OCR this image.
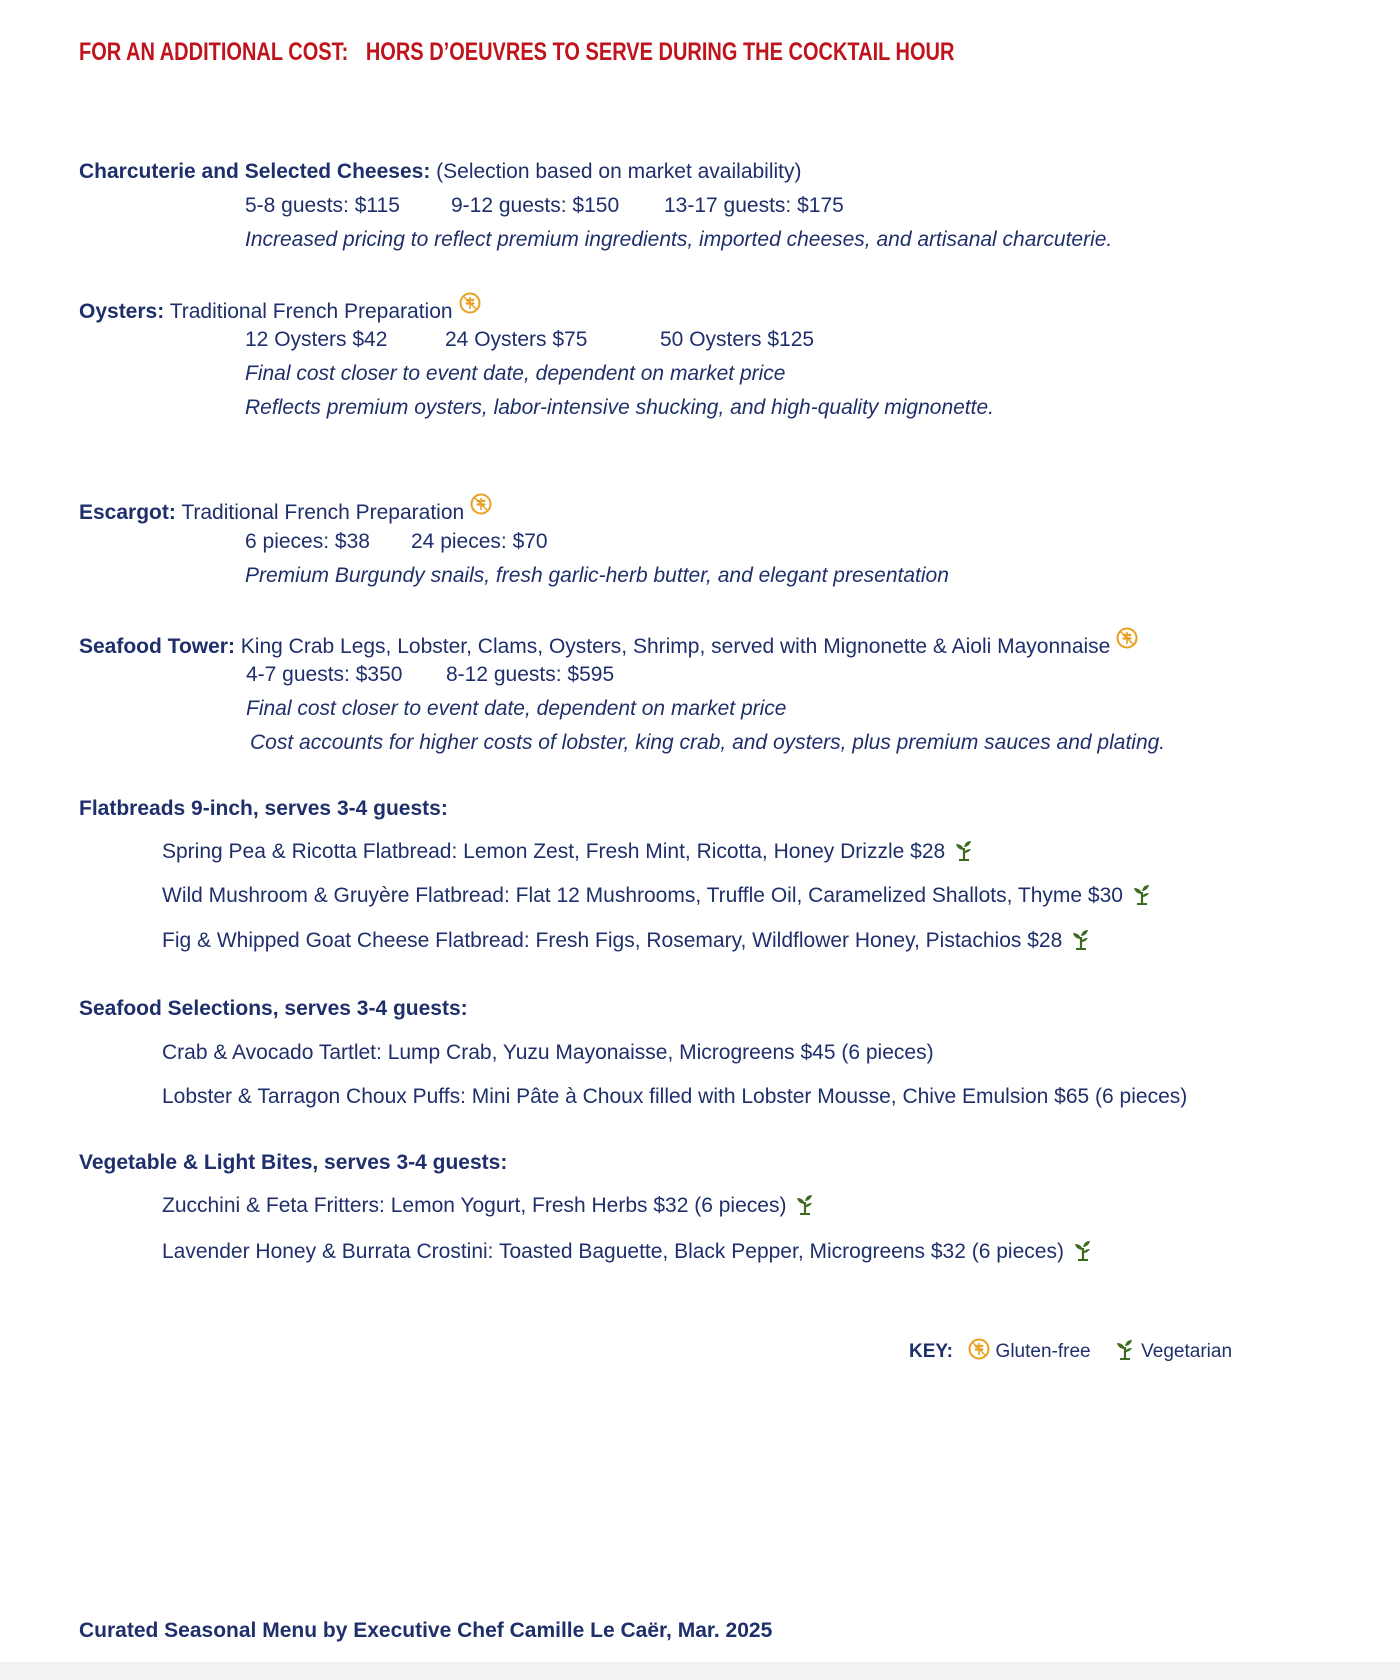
FOR AN ADDITIONAL COST: HORS D’OEUVRES TO SERVE DURING THE COCKTAIL HOUR
Charcuterie and Selected Cheeses: (Selection based on market availability)
5-8 guests: $115 9-12 guests: $150 13-17 guests: $175
Increased pricing to reflect premium ingredients, imported cheeses, and artisanal charcuterie.
Oysters: Traditional French Preparation
12 Oysters $42	24 Oysters $75	50 Oysters $125
Final cost closer to event date, dependent on market price
Reflects premium oysters, labor-intensive shucking, and high-quality mignonette.
Escargot: Traditional French Preparation
6 pieces: $38 24 pieces: $70
Premium Burgundy snails, fresh garlic-herb butter, and elegant presentation
Seafood Tower: King Crab Legs, Lobster, Clams, Oysters, Shrimp, served with Mignonette & Aioli Mayonnaise
4-7 guests: $350 8-12 guests: $595
Final cost closer to event date, dependent on market price
Cost accounts for higher costs of lobster, king crab, and oysters, plus premium sauces and plating.
Flatbreads 9-inch, serves 3-4 guests:
Spring Pea & Ricotta Flatbread: Lemon Zest, Fresh Mint, Ricotta, Honey Drizzle $28
Wild Mushroom & Gruyère Flatbread: Flat 12 Mushrooms, Truffle Oil, Caramelized Shallots, Thyme $30
Fig & Whipped Goat Cheese Flatbread: Fresh Figs, Rosemary, Wildflower Honey, Pistachios $28
Seafood Selections, serves 3-4 guests:
Crab & Avocado Tartlet: Lump Crab, Yuzu Mayonaisse, Microgreens $45 (6 pieces)
Lobster & Tarragon Choux Puffs: Mini Pâte à Choux filled with Lobster Mousse, Chive Emulsion $65 (6 pieces)
Vegetable & Light Bites, serves 3-4 guests:
Zucchini & Feta Fritters: Lemon Yogurt, Fresh Herbs $32 (6 pieces)
Lavender Honey & Burrata Crostini: Toasted Baguette, Black Pepper, Microgreens $32 (6 pieces)
KEY: Gluten-free	Vegetarian
Curated Seasonal Menu by Executive Chef Camille Le Caër, Mar. 2025
